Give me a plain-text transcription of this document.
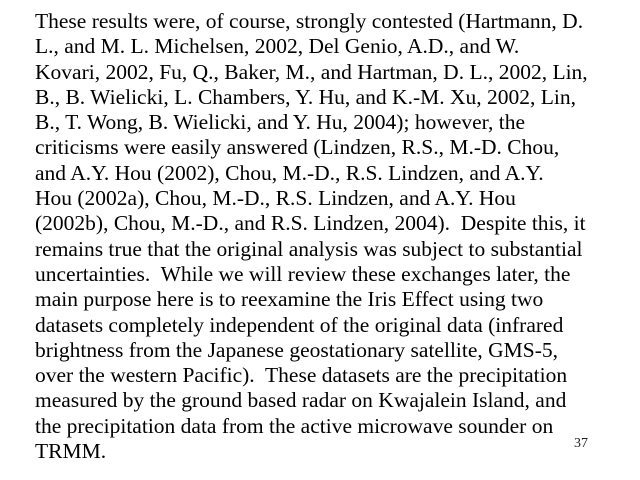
These results were, of course, strongly contested (Hartmann, D.
L., and M. L. Michelsen, 2002, Del Genio, A.D., and W.
Kovari, 2002, Fu, Q., Baker, M., and Hartman, D. L., 2002, Lin,
B., B. Wielicki, L. Chambers, Y. Hu, and K.-M. Xu, 2002, Lin,
B., T. Wong, B. Wielicki, and Y. Hu, 2004); however, the
criticisms were easily answered (Lindzen, R.S., M.-D. Chou,
and A.Y. Hou (2002), Chou, M.-D., R.S. Lindzen, and A.Y.
Hou (2002a), Chou, M.-D., R.S. Lindzen, and A.Y. Hou
(2002b), Chou, M.-D., and R.S. Lindzen, 2004).  Despite this, it
remains true that the original analysis was subject to substantial
uncertainties.  While we will review these exchanges later, the
main purpose here is to reexamine the Iris Effect using two
datasets completely independent of the original data (infrared
brightness from the Japanese geostationary satellite, GMS-5,
over the western Pacific).  These datasets are the precipitation
measured by the ground based radar on Kwajalein Island, and
the precipitation data from the active microwave sounder on
TRMM.	37
